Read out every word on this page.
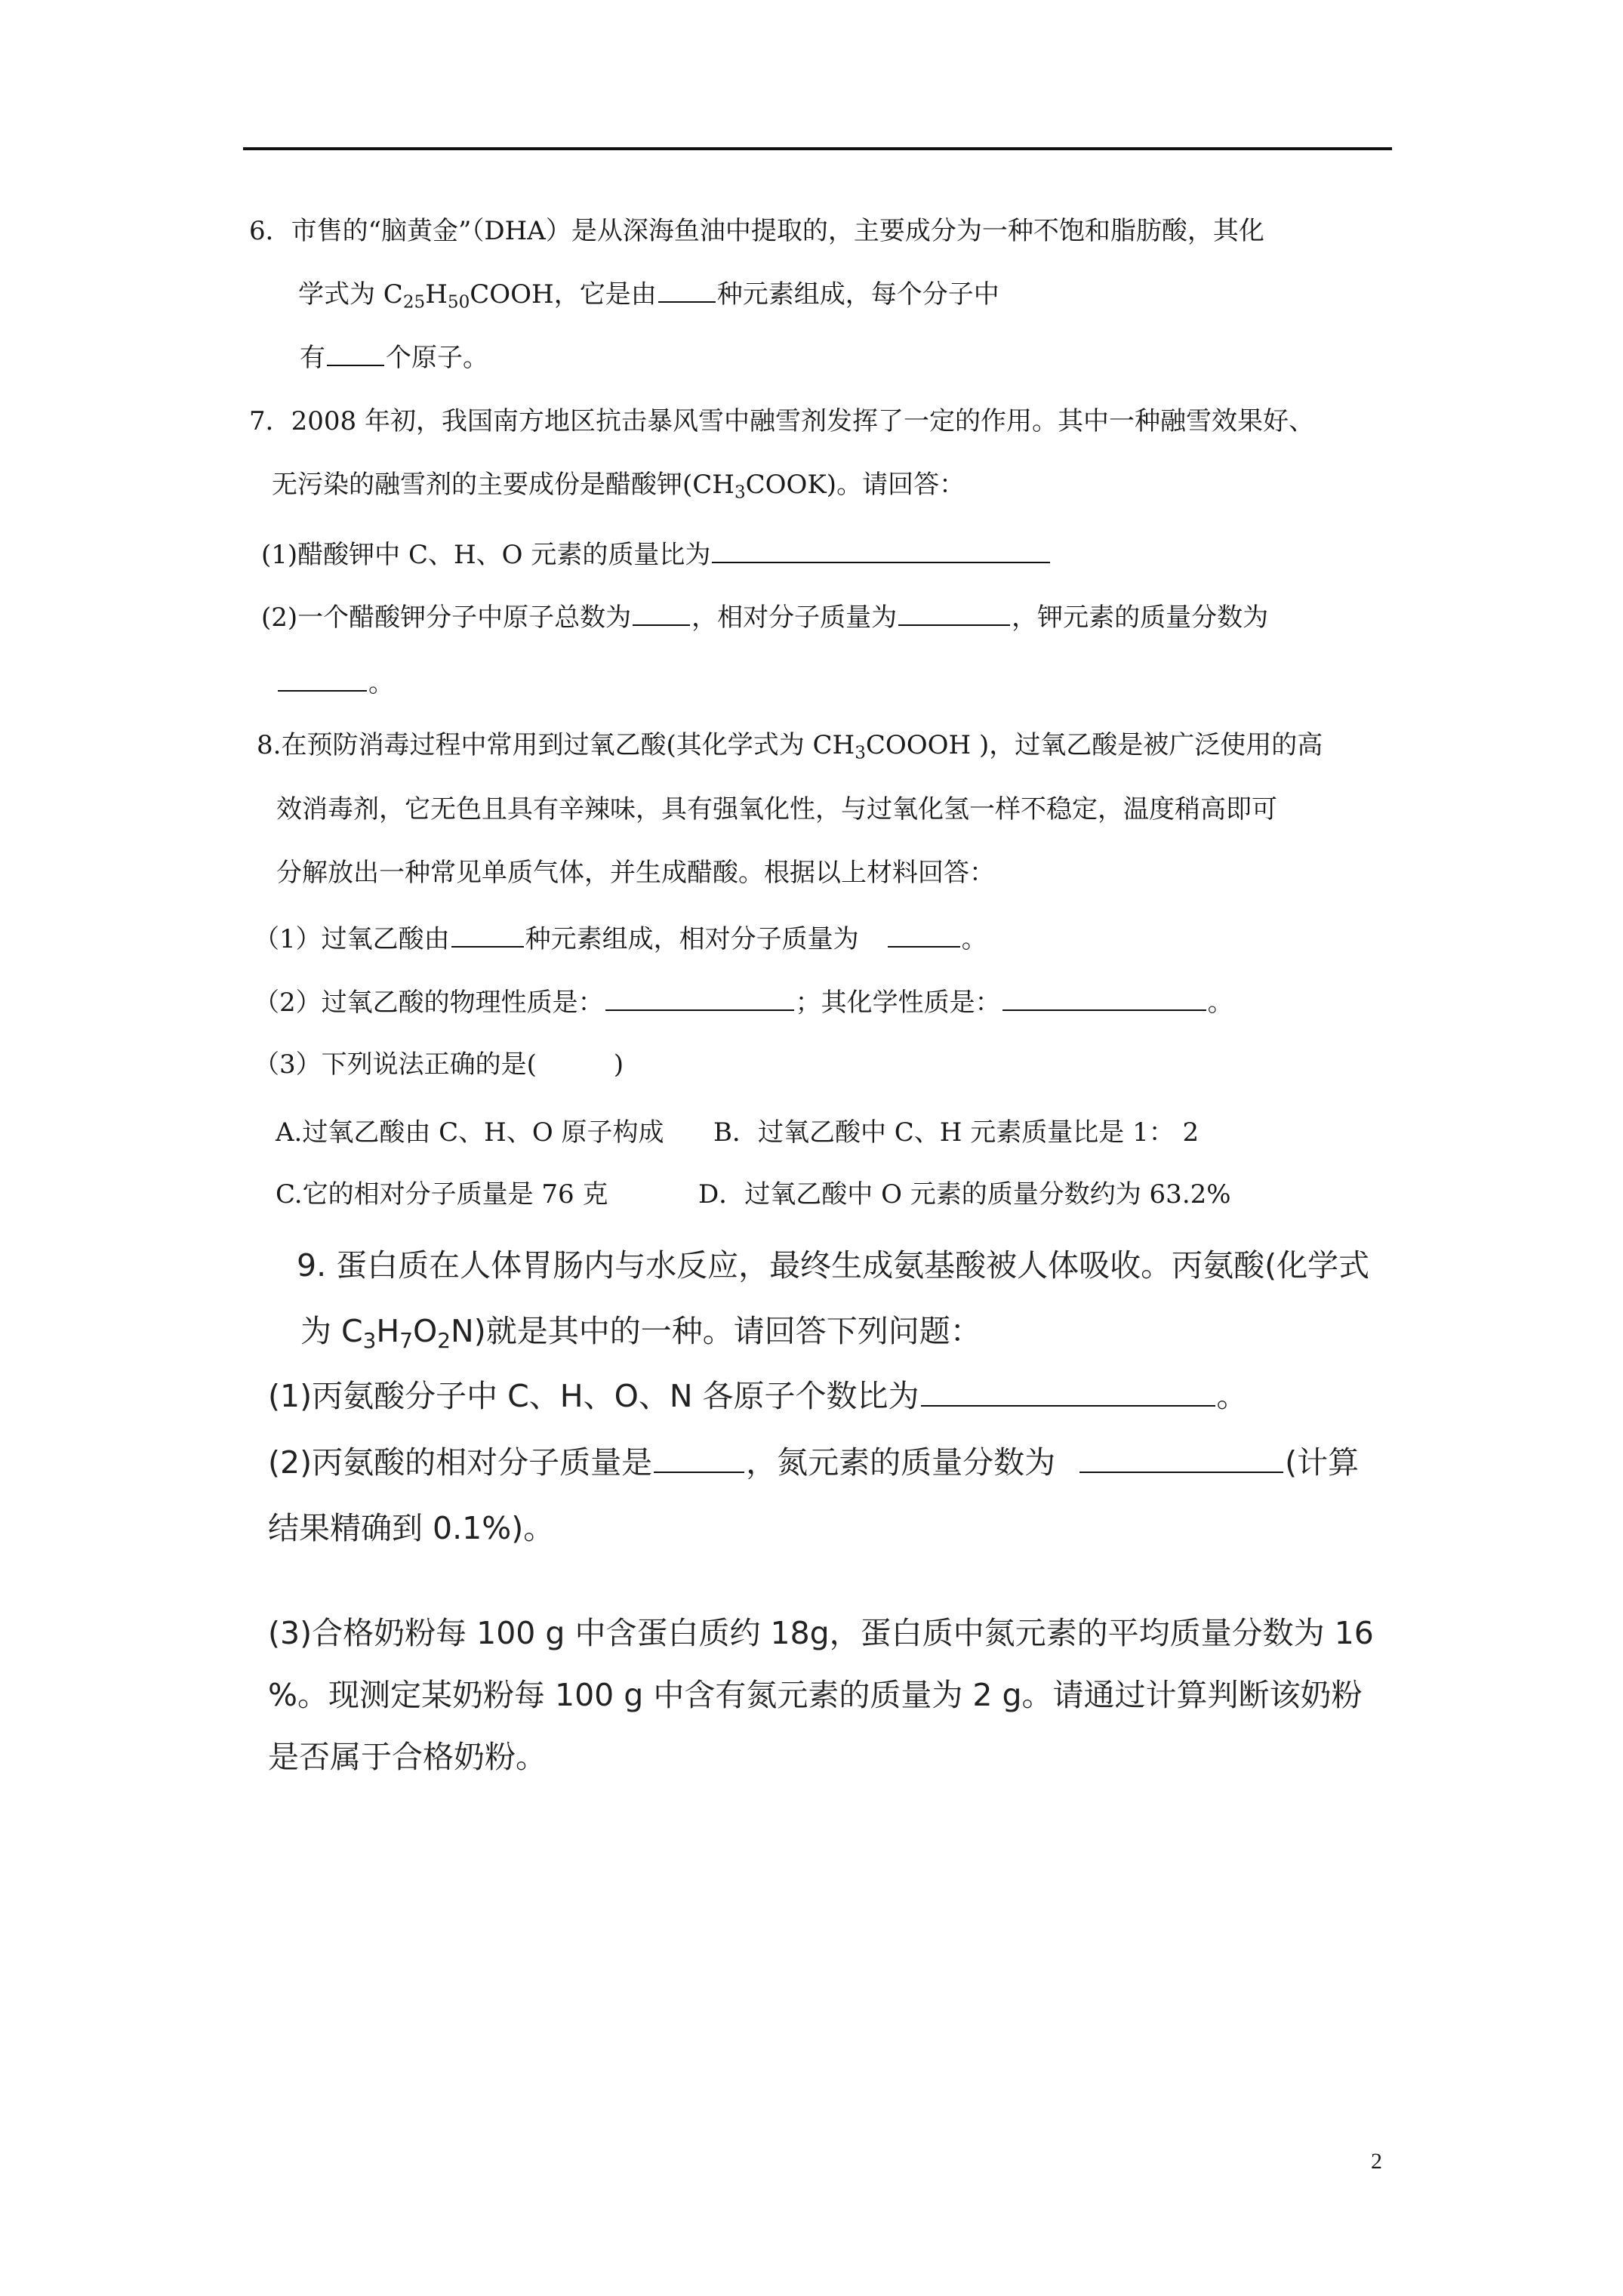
6．市售的“脑黄金”（DHA）是从深海鱼油中提取的，主要成分为一种不饱和脂肪酸，其化
学式为 $C_{25}H_{50}COOH$，它是由 种元素组成，每个分子中
有 个原子。
7．2008 年初，我国南方地区抗击暴风雪中融雪剂发挥了一定的作用。其中一种融雪效果好、
无污染的融雪剂的主要成份是醋酸钾$(CH_3COOK)$。请回答：
(1)醋酸钾中 C、H、O 元素的质量比为
(2)一个醋酸钾分子中原子总数为 ，相对分子质量为	，钾元素的质量分数为
。
8.在预防消毒过程中常用到过氧乙酸(其化学式为 $CH_3COOOH$ )，过氧乙酸是被广泛使用的高
效消毒剂，它无色且具有辛辣味，具有强氧化性，与过氧化氢一样不稳定，温度稍高即可
分解放出一种常见单质气体，并生成醋酸。根据以上材料回答：
（1）过氧乙酸由	种元素组成，相对分子质量为	。
（2）过氧乙酸的物理性质是：	；其化学性质是：	。
（3）下列说法正确的是(　　　)
A.过氧乙酸由 C、H、O 原子构成 B．过氧乙酸中 C、H 元素质量比是 1： 2
C.它的相对分子质量是 76 克	D．过氧乙酸中 O 元素的质量分数约为 63.2%
9. 蛋白质在人体胃肠内与水反应，最终生成氨基酸被人体吸收。丙氨酸(化学式
为 $C_3H_7O_2N$)就是其中的一种。请回答下列问题：
(1)丙氨酸分子中 C、H、O、N 各原子个数比为	。
(2)丙氨酸的相对分子质量是	，氮元素的质量分数为	(计算
结果精确到 0.1%)。
(3)合格奶粉每 100 g 中含蛋白质约 18g，蛋白质中氮元素的平均质量分数为 16
%。现测定某奶粉每 100 g 中含有氮元素的质量为 2 g。请通过计算判断该奶粉
是否属于合格奶粉。
2
